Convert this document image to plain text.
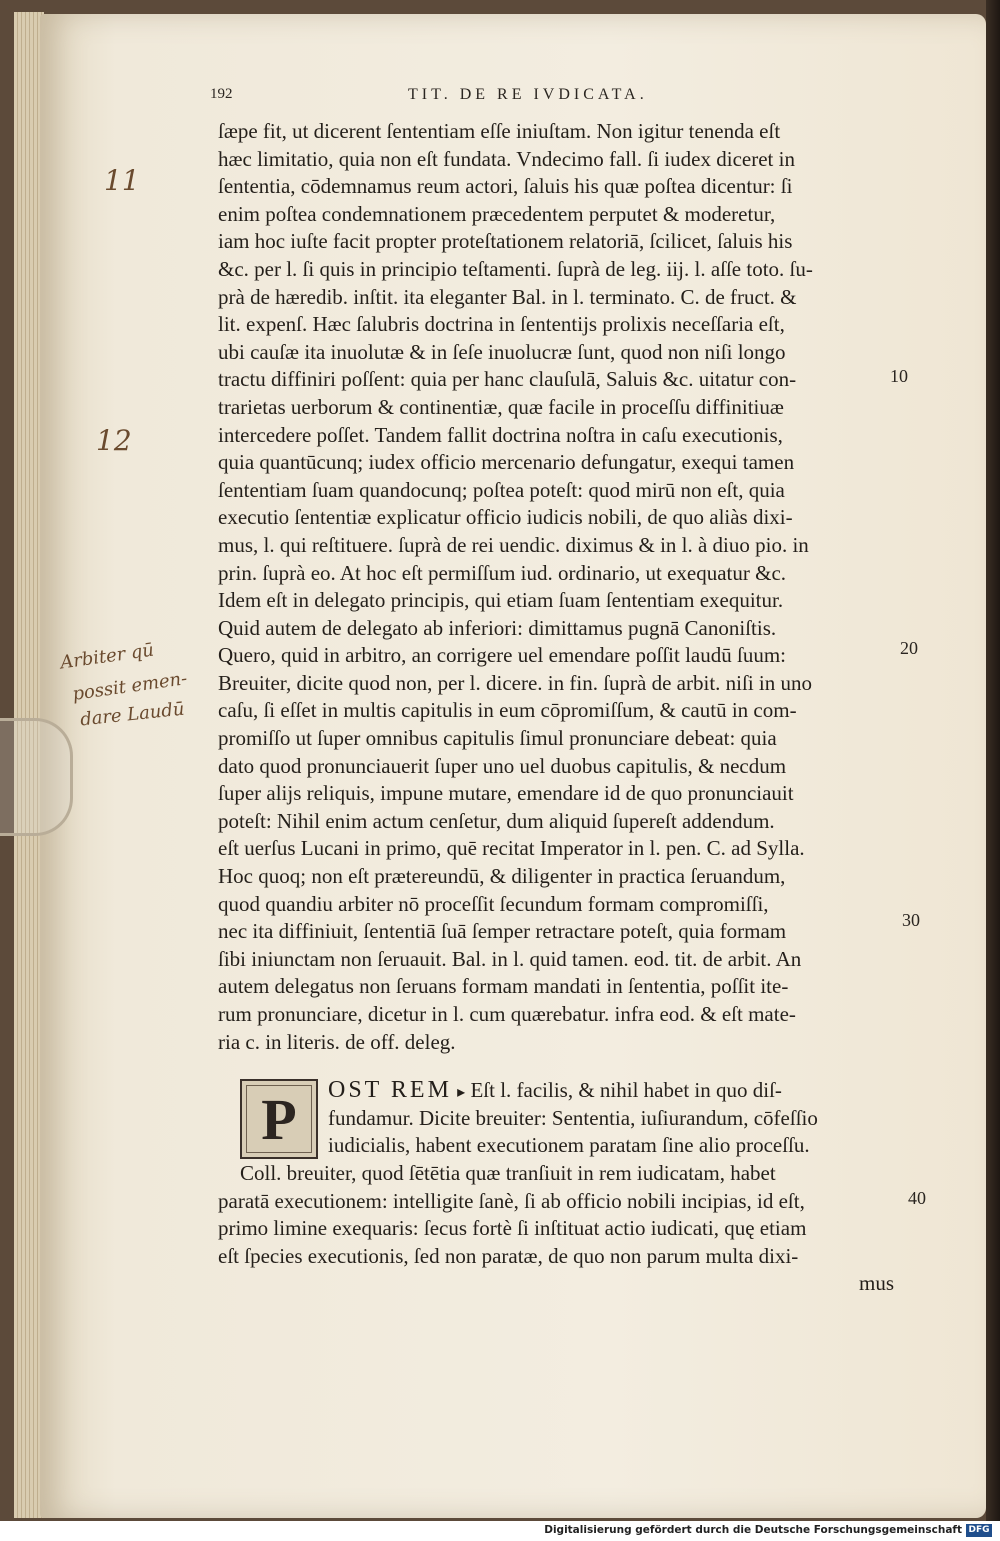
192	TIT. DE RE IVDICATA.
11
12
Arbiter qū
possit emen-
dare Laudū
10
20
30
40
ſæpe fit, ut dicerent ſententiam eſſe iniuſtam. Non igitur tenenda eſt
hæc limitatio, quia non eſt fundata. Vndecimo fall. ſi iudex diceret in
ſententia, cōdemnamus reum actori, ſaluis his quæ poſtea dicentur: ſi
enim poſtea condemnationem præcedentem perputet & moderetur,
iam hoc iuſte facit propter proteſtationem relatoriā, ſcilicet, ſaluis his
&c. per l. ſi quis in principio teſtamenti. ſuprà de leg. iij. l. aſſe toto. ſu-
prà de hæredib. inſtit. ita eleganter Bal. in l. terminato. C. de fruct. &
lit. expenſ. Hæc ſalubris doctrina in ſententijs prolixis neceſſaria eſt,
ubi cauſæ ita inuolutæ & in ſeſe inuolucræ ſunt, quod non niſi longo
tractu diffiniri poſſent: quia per hanc clauſulā, Saluis &c. uitatur con-
trarietas uerborum & continentiæ, quæ facile in proceſſu diffinitiuæ
intercedere poſſet. Tandem fallit doctrina noſtra in caſu executionis,
quia quantūcunq; iudex officio mercenario defungatur, exequi tamen
ſententiam ſuam quandocunq; poſtea poteſt: quod mirū non eſt, quia
executio ſententiæ explicatur officio iudicis nobili, de quo aliàs dixi-
mus, l. qui reſtituere. ſuprà de rei uendic. diximus & in l. à diuo pio. in
prin. ſuprà eo. At hoc eſt permiſſum iud. ordinario, ut exequatur &c.
Idem eſt in delegato principis, qui etiam ſuam ſententiam exequitur.
Quid autem de delegato ab inferiori: dimittamus pugnā Canoniſtis.
Quero, quid in arbitro, an corrigere uel emendare poſſit laudū ſuum:
Breuiter, dicite quod non, per l. dicere. in fin. ſuprà de arbit. niſi in uno
caſu, ſi eſſet in multis capitulis in eum cōpromiſſum, & cautū in com-
promiſſo ut ſuper omnibus capitulis ſimul pronunciare debeat: quia
dato quod pronunciauerit ſuper uno uel duobus capitulis, & necdum
ſuper alijs reliquis, impune mutare, emendare id de quo pronunciauit
poteſt: Nihil enim actum cenſetur, dum aliquid ſupereſt addendum.
eſt uerſus Lucani in primo, quē recitat Imperator in l. pen. C. ad Sylla.
Hoc quoq; non eſt prætereundū, & diligenter in practica ſeruandum,
quod quandiu arbiter nō proceſſit ſecundum formam compromiſſi,
nec ita diffiniuit, ſententiā ſuā ſemper retractare poteſt, quia formam
ſibi iniunctam non ſeruauit. Bal. in l. quid tamen. eod. tit. de arbit. An
autem delegatus non ſeruans formam mandati in ſententia, poſſit ite-
rum pronunciare, dicetur in l. cum quærebatur. infra eod. & eſt mate-
ria c. in literis. de off. deleg.
P	OST REM ▸ Eſt l. facilis, & nihil habet in quo diſ-
fundamur. Dicite breuiter: Sententia, iuſiurandum, cōfeſſio
iudicialis, habent executionem paratam ſine alio proceſſu.
Coll. breuiter, quod ſētētia quæ tranſiuit in rem iudicatam, habet
paratā executionem: intelligite ſanè, ſi ab officio nobili incipias, id eſt,
primo limine exequaris: ſecus fortè ſi inſtituat actio iudicati, quę etiam
eſt ſpecies executionis, ſed non paratæ, de quo non parum multa dixi-
mus
Digitalisierung gefördert durch die Deutsche Forschungsgemeinschaft DFG
